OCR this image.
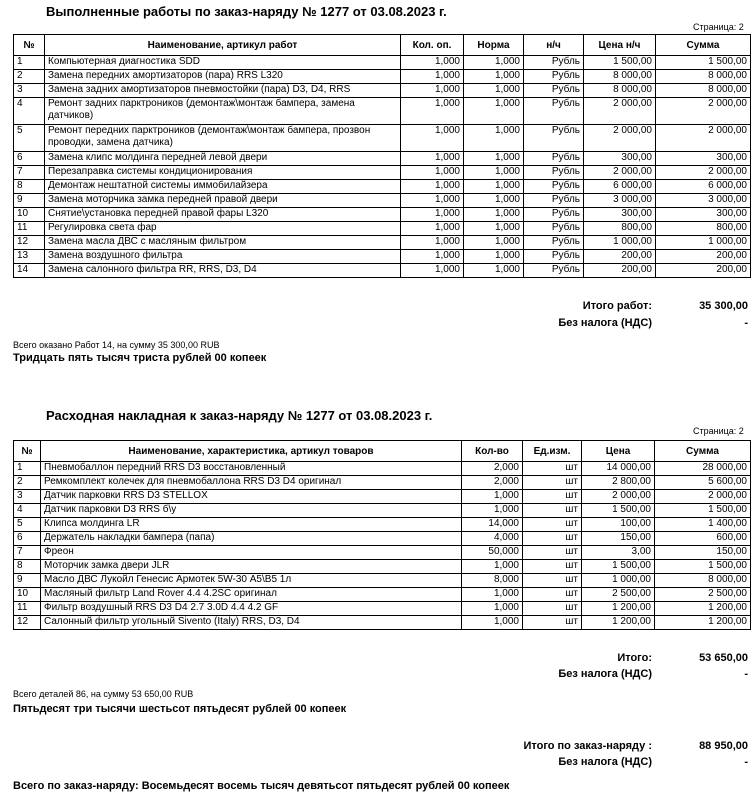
Выполненные работы по заказ-наряду № 1277 от 03.08.2023 г.
Страница: 2
№	Наименование, артикул работ	Кол. оп.	Норма	н/ч	Цена н/ч	Сумма
1	Компьютерная диагностика SDD	1,000	1,000	Рубль	1 500,00	1 500,00
2	Замена передних амортизаторов (пара) RRS L320	1,000	1,000	Рубль	8 000,00	8 000,00
3	Замена задних амортизаторов пневмостойки (пара) D3, D4, RRS	1,000	1,000	Рубль	8 000,00	8 000,00
4	Ремонт задних парктроников (демонтаж\монтаж бампера, замена датчиков)	1,000	1,000	Рубль	2 000,00	2 000,00
5	Ремонт передних парктроников (демонтаж\монтаж бампера, прозвон проводки, замена датчика)	1,000	1,000	Рубль	2 000,00	2 000,00
6	Замена клипс молдинга передней левой двери	1,000	1,000	Рубль	300,00	300,00
7	Перезаправка системы кондиционирования	1,000	1,000	Рубль	2 000,00	2 000,00
8	Демонтаж нештатной системы иммобилайзера	1,000	1,000	Рубль	6 000,00	6 000,00
9	Замена моторчика замка передней правой двери	1,000	1,000	Рубль	3 000,00	3 000,00
10	Снятие\установка передней правой фары L320	1,000	1,000	Рубль	300,00	300,00
11	Регулировка света фар	1,000	1,000	Рубль	800,00	800,00
12	Замена масла ДВС с масляным фильтром	1,000	1,000	Рубль	1 000,00	1 000,00
13	Замена воздушного фильтра	1,000	1,000	Рубль	200,00	200,00
14	Замена салонного фильтра RR, RRS, D3, D4	1,000	1,000	Рубль	200,00	200,00
Итого работ:	35 300,00
Без налога (НДС)	-
Всего оказано Работ 14, на сумму 35 300,00 RUB
Тридцать пять тысяч триста рублей 00 копеек
Расходная накладная к заказ-наряду № 1277 от 03.08.2023 г.
Страница: 2
№	Наименование, характеристика, артикул товаров	Кол-во	Ед.изм.	Цена	Сумма
1	Пневмобаллон передний RRS D3 восстановленный	2,000	шт	14 000,00	28 000,00
2	Ремкомплект колечек для пневмобаллона RRS D3 D4 оригинал	2,000	шт	2 800,00	5 600,00
3	Датчик парковки RRS D3 STELLOX	1,000	шт	2 000,00	2 000,00
4	Датчик парковки D3 RRS б\у	1,000	шт	1 500,00	1 500,00
5	Клипса молдинга LR	14,000	шт	100,00	1 400,00
6	Держатель накладки бампера (папа)	4,000	шт	150,00	600,00
7	Фреон	50,000	шт	3,00	150,00
8	Моторчик замка двери JLR	1,000	шт	1 500,00	1 500,00
9	Масло ДВС Лукойл Генесис Армотек 5W-30 А5\В5 1л	8,000	шт	1 000,00	8 000,00
10	Масляный фильтр Land Rover 4.4 4.2SC оригинал	1,000	шт	2 500,00	2 500,00
11	Фильтр воздушный RRS D3 D4 2.7 3.0D 4.4 4.2 GF	1,000	шт	1 200,00	1 200,00
12	Салонный фильтр угольный Sivento (Italy) RRS, D3, D4	1,000	шт	1 200,00	1 200,00
Итого:	53 650,00
Без налога (НДС)	-
Всего деталей 86, на сумму 53 650,00 RUB
Пятьдесят три тысячи шестьсот пятьдесят рублей 00 копеек
Итого по заказ-наряду :	88 950,00
Без налога (НДС)	-
Всего по заказ-наряду: Восемьдесят восемь тысяч девятьсот пятьдесят рублей 00 копеек
